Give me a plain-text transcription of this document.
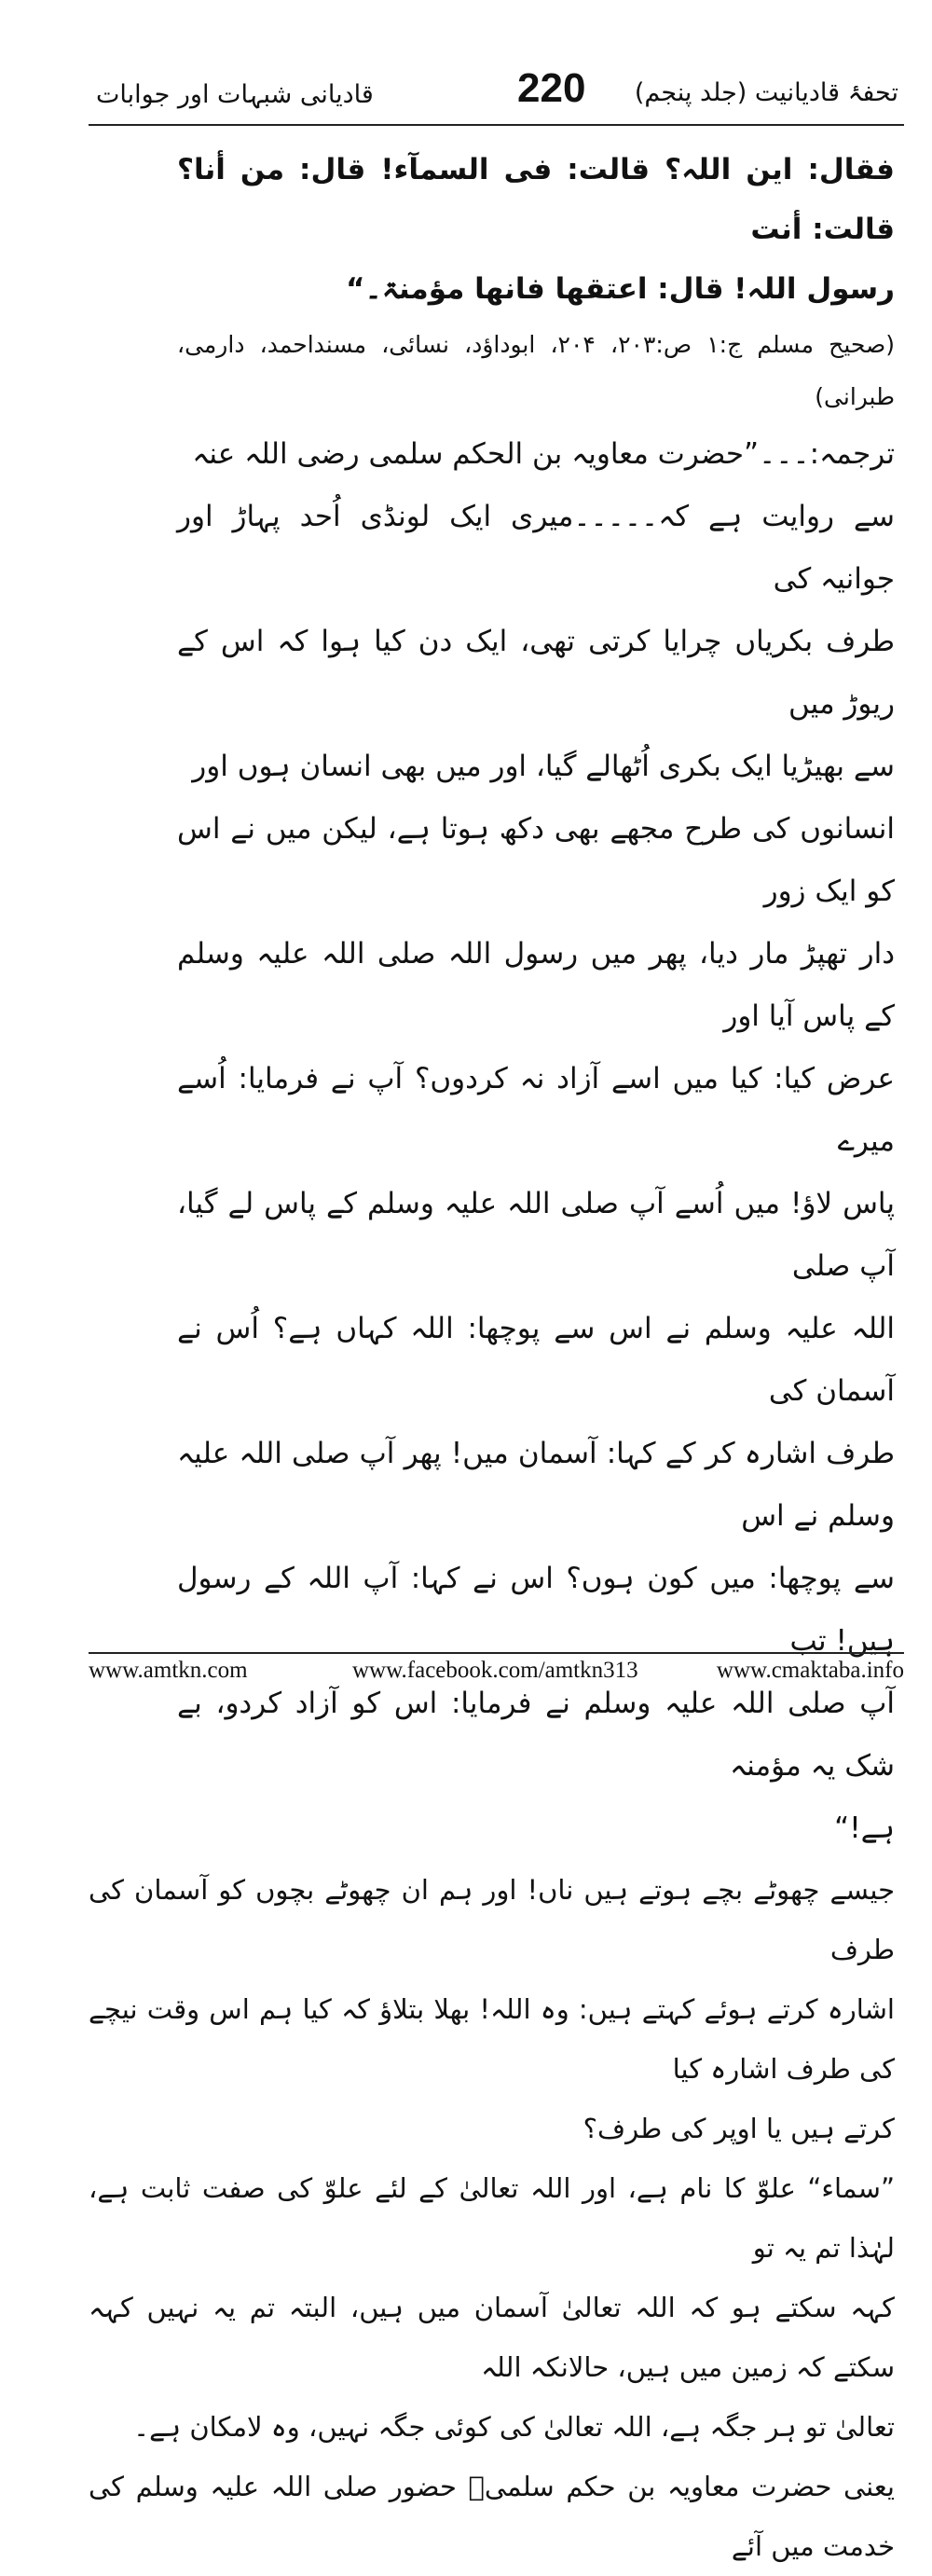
قادیانی شبہات اور جوابات	220 تحفۂ قادیانیت (جلد پنجم)

فقال: این اللہ؟ قالت: فی السمآء! قال: من أنا؟ قالت: أنت

رسول اللہ! قال: اعتقھا فانھا مؤمنۃ۔“

(صحیح مسلم ج:۱ ص:۲۰۳، ۲۰۴، ابوداؤد، نسائی، مسنداحمد، دارمی، طبرانی)

ترجمہ:۔۔۔”حضرت معاویہ بن الحکم سلمی رضی اللہ عنہ

سے روایت ہے کہ۔۔۔۔۔میری ایک لونڈی اُحد پہاڑ اور جوانیہ کی

طرف بکریاں چرایا کرتی تھی، ایک دن کیا ہوا کہ اس کے ریوڑ میں

سے بھیڑیا ایک بکری اُٹھالے گیا، اور میں بھی انسان ہوں اور

انسانوں کی طرح مجھے بھی دکھ ہوتا ہے، لیکن میں نے اس کو ایک زور

دار تھپڑ مار دیا، پھر میں رسول اللہ صلی اللہ علیہ وسلم کے پاس آیا اور

عرض کیا: کیا میں اسے آزاد نہ کردوں؟ آپ نے فرمایا: اُسے میرے

پاس لاؤ! میں اُسے آپ صلی اللہ علیہ وسلم کے پاس لے گیا، آپ صلی

اللہ علیہ وسلم نے اس سے پوچھا: اللہ کہاں ہے؟ اُس نے آسمان کی

طرف اشارہ کر کے کہا: آسمان میں! پھر آپ صلی اللہ علیہ وسلم نے اس

سے پوچھا: میں کون ہوں؟ اس نے کہا: آپ اللہ کے رسول ہیں! تب

آپ صلی اللہ علیہ وسلم نے فرمایا: اس کو آزاد کردو، بے شک یہ مؤمنہ

ہے!“

جیسے چھوٹے بچے ہوتے ہیں ناں! اور ہم ان چھوٹے بچوں کو آسمان کی طرف

اشارہ کرتے ہوئے کہتے ہیں: وہ اللہ! بھلا بتلاؤ کہ کیا ہم اس وقت نیچے کی طرف اشارہ کیا

کرتے ہیں یا اوپر کی طرف؟

”سماء“ علوّ کا نام ہے، اور اللہ تعالیٰ کے لئے علوّ کی صفت ثابت ہے، لہٰذا تم یہ تو

کہہ سکتے ہو کہ اللہ تعالیٰ آسمان میں ہیں، البتہ تم یہ نہیں کہہ سکتے کہ زمین میں ہیں، حالانکہ اللہ

تعالیٰ تو ہر جگہ ہے، اللہ تعالیٰ کی کوئی جگہ نہیں، وہ لامکان ہے۔

یعنی حضرت معاویہ بن حکم سلمیؓ حضور صلی اللہ علیہ وسلم کی خدمت میں آئے

www.amtkn.com	www.facebook.com/amtkn313	www.cmaktaba.info
